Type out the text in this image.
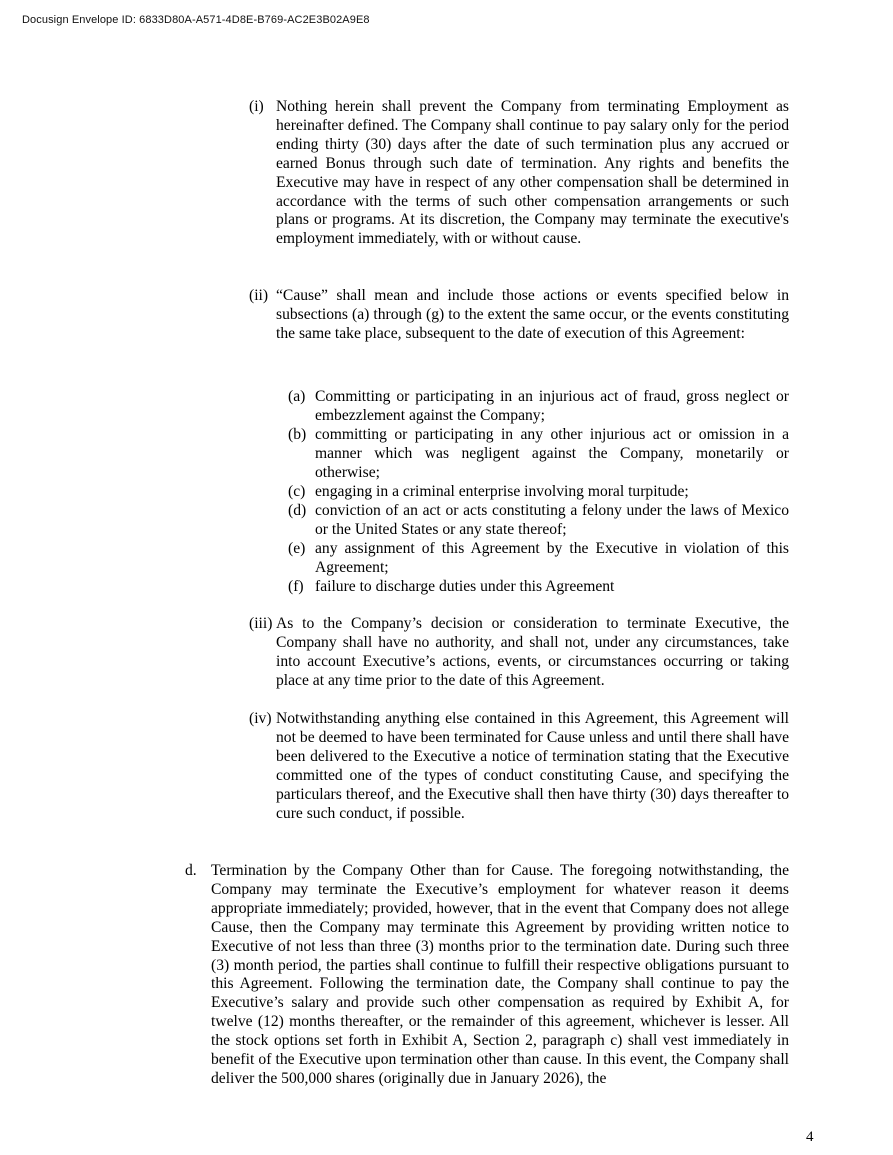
Docusign Envelope ID: 6833D80A-A571-4D8E-B769-AC2E3B02A9E8
(i) Nothing herein shall prevent the Company from terminating Employment as hereinafter defined. The Company shall continue to pay salary only for the period ending thirty (30) days after the date of such termination plus any accrued or earned Bonus through such date of termination. Any rights and benefits the Executive may have in respect of any other compensation shall be determined in accordance with the terms of such other compensation arrangements or such plans or programs. At its discretion, the Company may terminate the executive's employment immediately, with or without cause.
(ii) “Cause” shall mean and include those actions or events specified below in subsections (a) through (g) to the extent the same occur, or the events constituting the same take place, subsequent to the date of execution of this Agreement:
(a) Committing or participating in an injurious act of fraud, gross neglect or embezzlement against the Company;
(b) committing or participating in any other injurious act or omission in a manner which was negligent against the Company, monetarily or otherwise;
(c) engaging in a criminal enterprise involving moral turpitude;
(d) conviction of an act or acts constituting a felony under the laws of Mexico or the United States or any state thereof;
(e) any assignment of this Agreement by the Executive in violation of this Agreement;
(f) failure to discharge duties under this Agreement
(iii) As to the Company’s decision or consideration to terminate Executive, the Company shall have no authority, and shall not, under any circumstances, take into account Executive’s actions, events, or circumstances occurring or taking place at any time prior to the date of this Agreement.
(iv) Notwithstanding anything else contained in this Agreement, this Agreement will not be deemed to have been terminated for Cause unless and until there shall have been delivered to the Executive a notice of termination stating that the Executive committed one of the types of conduct constituting Cause, and specifying the particulars thereof, and the Executive shall then have thirty (30) days thereafter to cure such conduct, if possible.
d. Termination by the Company Other than for Cause. The foregoing notwithstanding, the Company may terminate the Executive’s employment for whatever reason it deems appropriate immediately; provided, however, that in the event that Company does not allege Cause, then the Company may terminate this Agreement by providing written notice to Executive of not less than three (3) months prior to the termination date. During such three (3) month period, the parties shall continue to fulfill their respective obligations pursuant to this Agreement. Following the termination date, the Company shall continue to pay the Executive’s salary and provide such other compensation as required by Exhibit A, for twelve (12) months thereafter, or the remainder of this agreement, whichever is lesser. All the stock options set forth in Exhibit A, Section 2, paragraph c) shall vest immediately in benefit of the Executive upon termination other than cause. In this event, the Company shall deliver the 500,000 shares (originally due in January 2026), the
4
